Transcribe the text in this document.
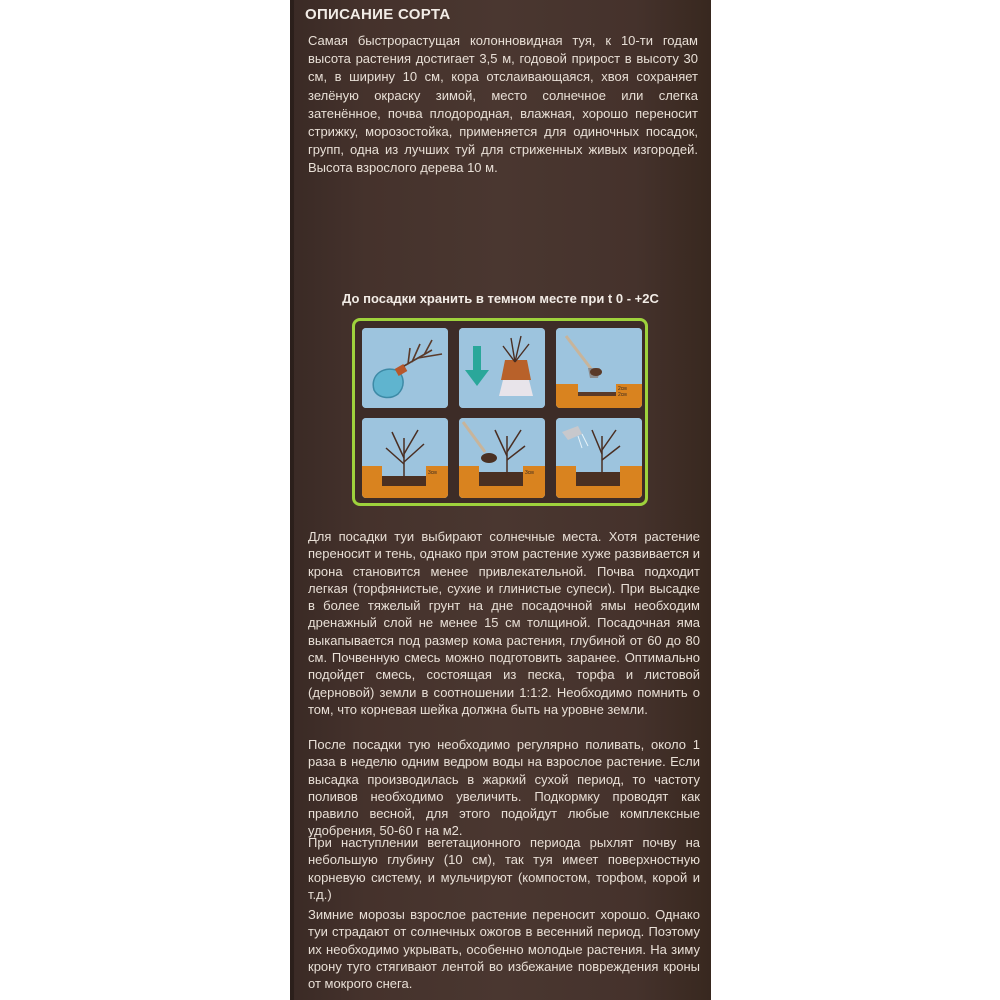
ОПИСАНИЕ СОРТА
Самая быстрорастущая колонновидная туя, к 10-ти годам высота растения достигает 3,5 м, годовой прирост в высоту 30 см, в ширину 10 см, кора отслаивающаяся, хвоя сохраняет зелёную окраску зимой, место солнечное или слегка затенённое, почва плодородная, влажная, хорошо переносит стрижку, морозостойка, применяется для одиночных посадок, групп, одна из лучших туй для стриженных живых изгородей. Высота взрослого дерева 10 м.
До посадки хранить в темном месте при t 0 - +2С
2см
2см
3см	3см

Для посадки туи выбирают солнечные места. Хотя растение переносит и тень, однако при этом растение хуже развивается и крона становится менее привлекательной. Почва подходит легкая (торфянистые, сухие и глинистые супеси). При высадке в более тяжелый грунт на дне посадочной ямы необходим дренажный слой не менее 15 см толщиной. Посадочная яма выкапывается под размер кома растения, глубиной от 60 до 80 см. Почвенную смесь можно подготовить заранее. Оптимально подойдет смесь, состоящая из песка, торфа и листовой (дерновой) земли в соотношении 1:1:2. Необходимо помнить о том, что корневая шейка должна быть на уровне земли.

После посадки тую необходимо регулярно поливать, около 1 раза в неделю одним ведром воды на взрослое растение. Если высадка производилась в жаркий сухой период, то частоту поливов необходимо увеличить. Подкормку проводят как правило весной, для этого подойдут любые комплексные удобрения, 50-60 г на м2.

При наступлении вегетационного периода рыхлят почву на небольшую глубину (10 см), так туя имеет поверхностную корневую систему, и мульчируют (компостом, торфом, корой и т.д.)

Зимние морозы взрослое растение переносит хорошо. Однако туи страдают от солнечных ожогов в весенний период. Поэтому их необходимо укрывать, особенно молодые растения. На зиму крону туго стягивают лентой во избежание повреждения кроны от мокрого снега.
